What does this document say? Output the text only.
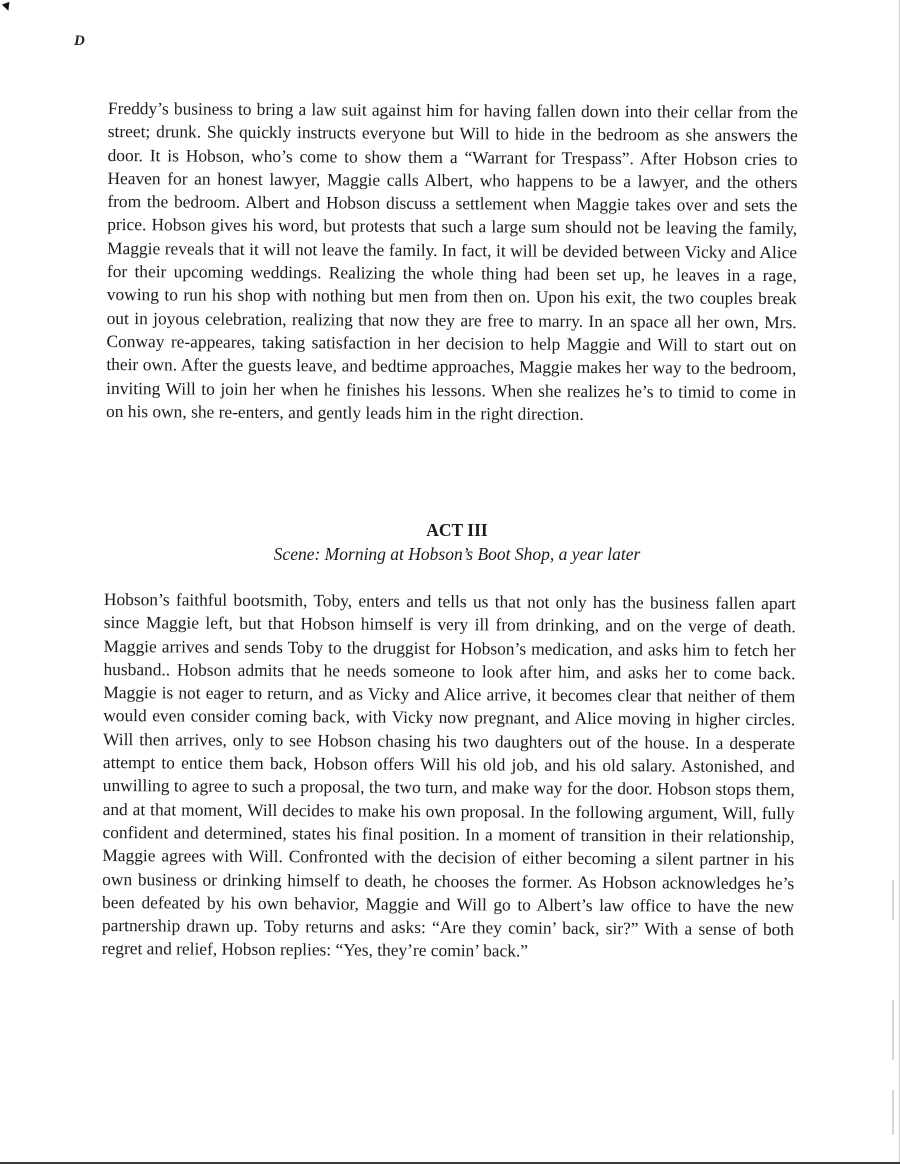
D

Freddy’s business to bring a law suit against him for having fallen down into their cellar from the street; drunk. She quickly instructs everyone but Will to hide in the bedroom as she answers the door. It is Hobson, who’s come to show them a “Warrant for Trespass”. After Hobson cries to Heaven for an honest lawyer, Maggie calls Albert, who happens to be a lawyer, and the others from the bedroom. Albert and Hobson discuss a settlement when Maggie takes over and sets the price. Hobson gives his word, but protests that such a large sum should not be leaving the family, Maggie reveals that it will not leave the family. In fact, it will be devided between Vicky and Alice for their upcoming weddings. Realizing the whole thing had been set up, he leaves in a rage, vowing to run his shop with nothing but men from then on. Upon his exit, the two couples break out in joyous celebration, realizing that now they are free to marry. In an space all her own, Mrs. Conway re-appeares, taking satisfaction in her decision to help Maggie and Will to start out on their own. After the guests leave, and bedtime approaches, Maggie makes her way to the bedroom, inviting Will to join her when he finishes his lessons. When she realizes he’s to timid to come in on his own, she re-enters, and gently leads him in the right direction.

ACT III

Scene: Morning at Hobson’s Boot Shop, a year later

Hobson’s faithful bootsmith, Toby, enters and tells us that not only has the business fallen apart since Maggie left, but that Hobson himself is very ill from drinking, and on the verge of death. Maggie arrives and sends Toby to the druggist for Hobson’s medication, and asks him to fetch her husband.. Hobson admits that he needs someone to look after him, and asks her to come back. Maggie is not eager to return, and as Vicky and Alice arrive, it becomes clear that neither of them would even consider coming back, with Vicky now pregnant, and Alice moving in higher circles. Will then arrives, only to see Hobson chasing his two daughters out of the house. In a desperate attempt to entice them back, Hobson offers Will his old job, and his old salary. Astonished, and unwilling to agree to such a proposal, the two turn, and make way for the door. Hobson stops them, and at that moment, Will decides to make his own proposal. In the following argument, Will, fully confident and determined, states his final position. In a moment of transition in their relationship, Maggie agrees with Will. Confronted with the decision of either becoming a silent partner in his own business or drinking himself to death, he chooses the former. As Hobson acknowledges he’s been defeated by his own behavior, Maggie and Will go to Albert’s law office to have the new partnership drawn up. Toby returns and asks: “Are they comin’ back, sir?” With a sense of both regret and relief, Hobson replies: “Yes, they’re comin’ back.”
